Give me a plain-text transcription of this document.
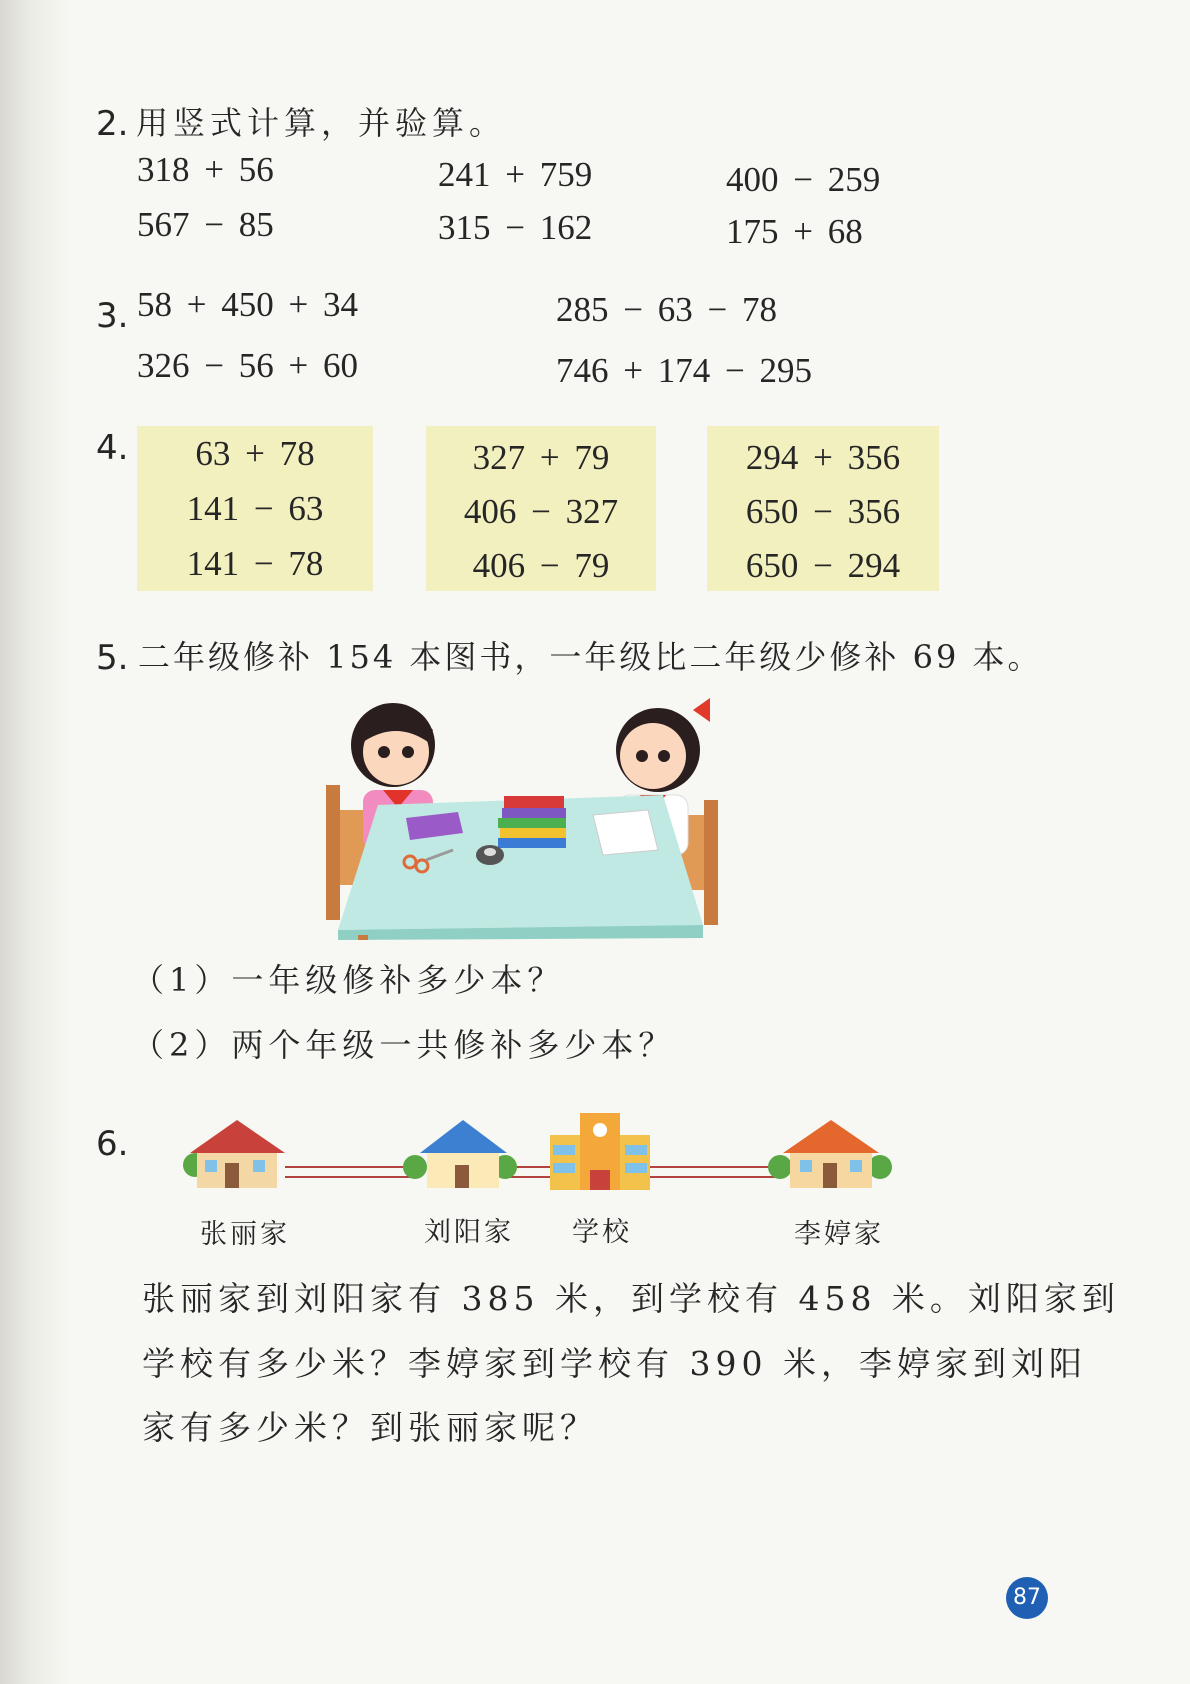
2. 用竖式计算，并验算。
318 + 56	241 + 759	400 − 259
567 − 85	315 − 162	175 + 68
3. 58 + 450 + 34	285 − 63 − 78
326 − 56 + 60	746 + 174 − 295
4.	63 + 78
141 − 63
141 − 78
327 + 79
406 − 327
406 − 79
294 + 356
650 − 356
650 − 294
5. 二年级修补 154 本图书，一年级比二年级少修补 69 本。
（1）一年级修补多少本？
（2）两个年级一共修补多少本？
6.
张丽家	刘阳家 学校	李婷家
张丽家到刘阳家有 385 米，到学校有 458 米。刘阳家到
学校有多少米？李婷家到学校有 390 米，李婷家到刘阳
家有多少米？到张丽家呢？
87
